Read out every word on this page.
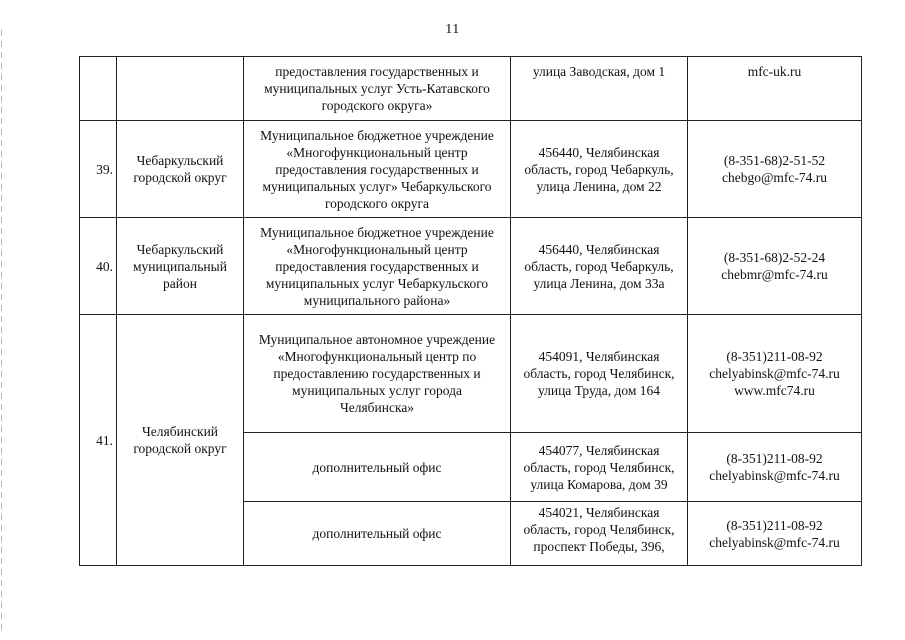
11

		предоставления государственных и
муниципальных услуг Усть-Катавского
городского округа»	улица Заводская, дом 1	mfc-uk.ru

39.	Чебаркульский
городской округ	Муниципальное бюджетное учреждение
«Многофункциональный центр
предоставления государственных и
муниципальных услуг» Чебаркульского
городского округа	456440, Челябинская
область, город Чебаркуль,
улица Ленина, дом 22	(8-351-68)2-51-52
chebgo@mfc-74.ru

40.	Чебаркульский
муниципальный
район	Муниципальное бюджетное учреждение
«Многофункциональный центр
предоставления государственных и
муниципальных услуг Чебаркульского
муниципального района»	456440, Челябинская
область, город Чебаркуль,
улица Ленина, дом 33а	(8-351-68)2-52-24
chebmr@mfc-74.ru

41.	Челябинский
городской округ	Муниципальное автономное учреждение
«Многофункциональный центр по
предоставлению государственных и
муниципальных услуг города
Челябинска»	454091, Челябинская
область, город Челябинск,
улица Труда, дом 164	(8-351)211-08-92
chelyabinsk@mfc-74.ru
www.mfc74.ru

		дополнительный офис	454077, Челябинская
область, город Челябинск,
улица Комарова, дом 39	(8-351)211-08-92
chelyabinsk@mfc-74.ru

		дополнительный офис	454021, Челябинская
область, город Челябинск,
проспект Победы, 396,	(8-351)211-08-92
chelyabinsk@mfc-74.ru
